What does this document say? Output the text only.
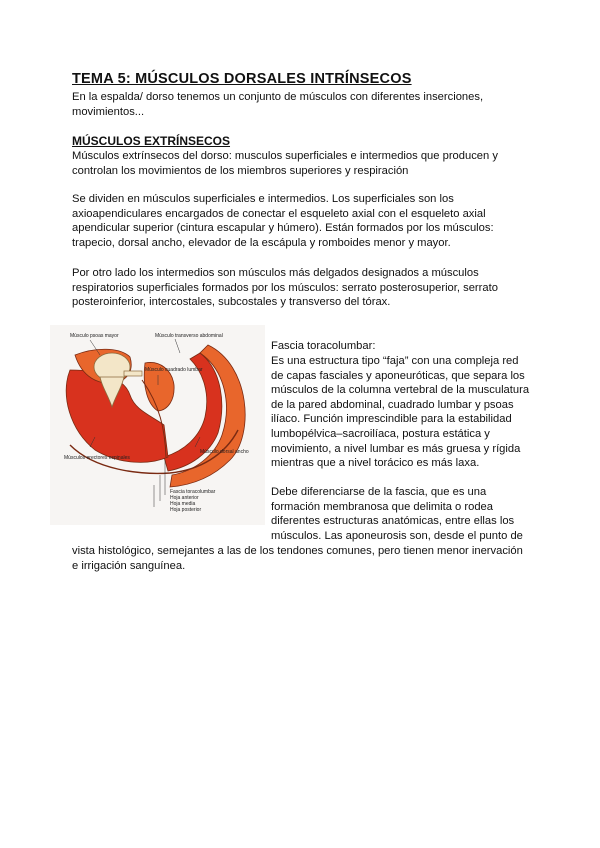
TEMA 5: MÚSCULOS DORSALES INTRÍNSECOS

En la espalda/ dorso tenemos un conjunto de músculos con diferentes inserciones, movimientos...

MÚSCULOS EXTRÍNSECOS

Músculos extrínsecos del dorso: musculos superficiales e intermedios que producen y controlan los movimientos de los miembros superiores y respiración

Se dividen en músculos superficiales e intermedios. Los superficiales son los axioapendiculares encargados de conectar el esqueleto axial con el esqueleto axial apendicular superior (cintura escapular y húmero). Están formados por los músculos: trapecio, dorsal ancho, elevador de la escápula y romboides menor y mayor.

Por otro lado los intermedios son músculos más delgados designados a músculos respiratorios superficiales formados por los músculos: serrato posterosuperior, serrato posteroinferior, intercostales, subcostales y transverso del tórax.

Músculo psoas mayor	Músculo transverso abdominal
Músculo cuadrado lumbar
Músculos erectores espinales
Músculo dorsal ancho
Fascia toracolumbar
Hoja anterior
Hoja media
Hoja posterior

Fascia toracolumbar:

Es una estructura tipo “faja” con una compleja red de capas fasciales y aponeuróticas, que separa los músculos de la columna vertebral de la musculatura de la pared abdominal, cuadrado lumbar y psoas ilíaco. Función imprescindible para la estabilidad lumbopélvica–sacroilíaca, postura estática y movimiento, a nivel lumbar es más gruesa y rígida mientras que a nivel torácico es más laxa.

Debe diferenciarse de la fascia, que es una formación membranosa que delimita o rodea diferentes estructuras anatómicas, entre ellas los músculos. Las aponeurosis son, desde el punto de

vista histológico, semejantes a las de los tendones comunes, pero tienen menor inervación e irrigación sanguínea.
